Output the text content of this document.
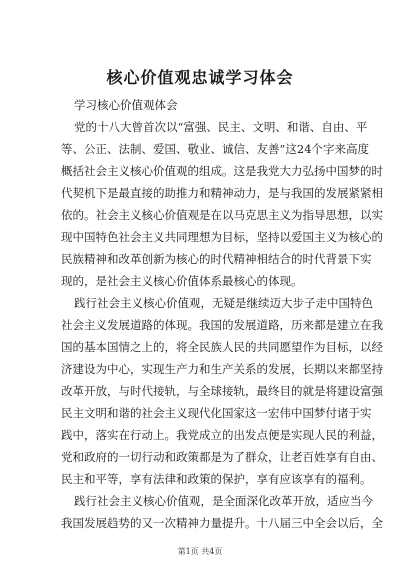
核心价值观忠诚学习体会

学习核心价值观体会

党的十八大曾首次以“富强、民主、文明、和谐、自由、平
等、公正、法制、爱国、敬业、诚信、友善”这24个字来高度
概括社会主义核心价值观的组成。这是我党大力弘扬中国梦的时
代契机下是最直接的助推力和精神动力，是与我国的发展紧紧相
依的。社会主义核心价值观是在以马克思主义为指导思想，以实
现中国特色社会主义共同理想为目标，坚持以爱国主义为核心的
民族精神和改革创新为核心的时代精神相结合的时代背景下实
现的，是社会主义核心价值体系最核心的体现。
践行社会主义核心价值观，无疑是继续迈大步子走中国特色
社会主义发展道路的体现。我国的发展道路，历来都是建立在我
国的基本国情之上的，将全民族人民的共同愿望作为目标，以经
济建设为中心，实现生产力和生产关系的发展，长期以来都坚持
改革开放，与时代接轨，与全球接轨，最终目的就是将建设富强
民主文明和谐的社会主义现代化国家这一宏伟中国梦付诸于实
践中，落实在行动上。我党成立的出发点便是实现人民的利益，
党和政府的一切行动和政策都是为了群众，让老百姓享有自由、
民主和平等，享有法律和政策的保护，享有应该享有的福利。
践行社会主义核心价值观，是全面深化改革开放，适应当今
我国发展趋势的又一次精神力量提升。十八届三中全会以后，全
第1页 共4页
